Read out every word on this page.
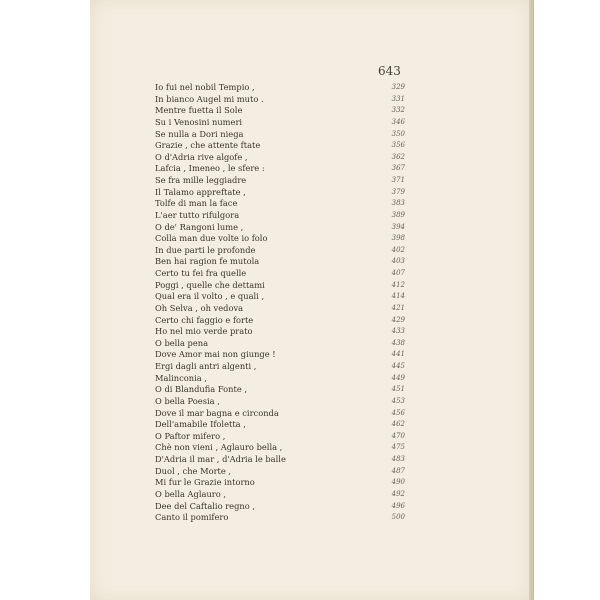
643

Io fui nel nobil Tempio ,	329
In bianco Augel mi muto .	331
Mentre fuetta il Sole	332
Su i Venosini numeri	346
Se nulla a Dori niega	350
Grazie , che attente ftate	356
O d'Adria rive algofe ,	362
Lafcia , Imeneo , le sfere :	367
Se fra mille leggiadre	371
Il Talamo appreftate ,	379
Tolfe di man la face	383
L'aer tutto rifulgora	389
O de' Rangoni lume ,	394
Colla man due volte io folo	398
In due parti le profonde	402
Ben hai ragion fe mutola	403
Certo tu fei fra quelle	407
Poggi , quelle che dettami	412
Qual era il volto , e quali ,	414
Oh Selva , oh vedova	421
Certo chi faggio e forte	429
Ho nel mio verde prato	433
O bella pena	438
Dove Amor mai non giunge !	441
Ergi dagli antri algenti ,	445
Malinconia ,	449
O di Blandufia Fonte ,	451
O bella Poesia ,	453
Dove il mar bagna e circonda	456
Dell'amabile Ifoletta ,	462
O Paftor mifero ,	470
Chè non vieni , Aglauro bella ,	475
D'Adria il mar , d'Adria le balle	483
Duol , che Morte ,	487
Mi fur le Grazie intorno	490
O bella Aglauro ,	492
Dee del Caftalio regno ,	496
Canto il pomifero	500
